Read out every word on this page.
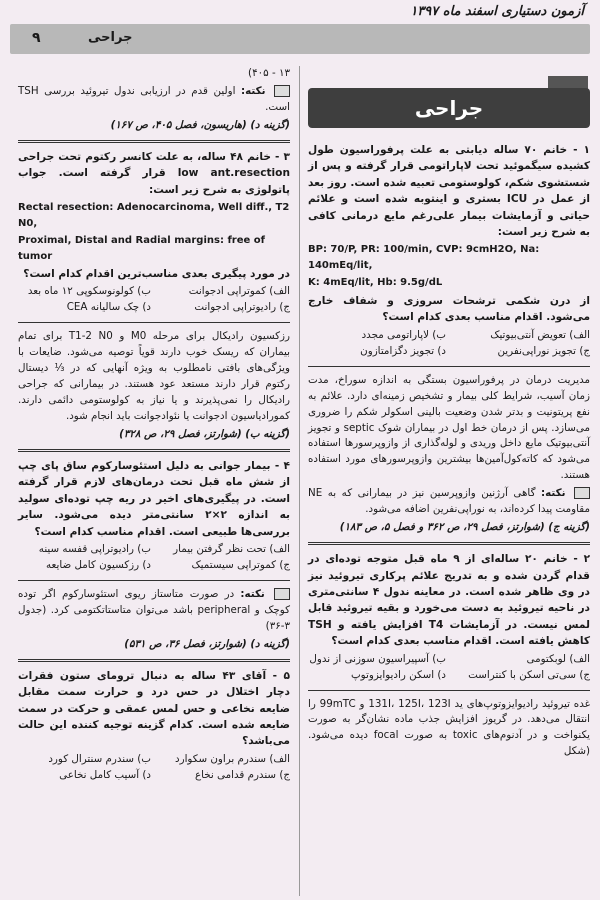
۹	جراحی
آزمون دستیاری اسفند ماه ۱۳۹۷
جراحی

۱ - خانم ۷۰ ساله دیابتی به علت پرفوراسیون طول کشیده سیگموئید تحت لاپاراتومی قرار گرفته و پس از شستشوی شکم، کولوستومی تعبیه شده است. روز بعد از عمل در ICU بستری و اینتوبه شده است و علائم حیاتی و آزمایشات بیمار علی‌رغم مایع درمانی کافی به شرح زیر است:

BP: 70/P, PR: 100/min, CVP: 9cmH2O, Na: 140mEq/lit,

K: 4mEq/lit, Hb: 9.5g/dL

از درن شکمی ترشحات سروزی و شفاف خارج می‌شود. اقدام مناسب بعدی کدام است؟

الف) تعویض آنتی‌بیوتیک
ب) لاپاراتومی مجدد
ج) تجویز نوراپی‌نفرین
د) تجویز دگزامتازون

مدیریت درمان در پرفوراسیون بستگی به اندازه سوراخ، مدت زمان آسیب، شرایط کلی بیمار و تشخیص زمینه‌ای دارد. علائم به نفع پریتونیت و بدتر شدن وضعیت بالینی اسکولر شکم را ضروری می‌سازد. پس از درمان خط اول در بیماران شوک septic و تجویز آنتی‌بیوتیک مایع داخل وریدی و لوله‌گذاری از وازوپرسورها استفاده می‌شود که کاته‌کول‌آمین‌ها بیشترین وازوپرسورهای مورد استفاده هستند.

نکته: گاهی آرژنین وازوپرسین نیز در بیمارانی که به NE مقاومت پیدا کرده‌اند، به نوراپی‌نفرین اضافه می‌شود.

(گزینه ج) (شوارتز، فصل ۲۹، ص ۳۶۲ و فصل ۵، ص ۱۸۳)

۲ - خانم ۲۰ ساله‌ای از ۹ ماه قبل متوجه توده‌ای در قدام گردن شده و به تدریج علائم پرکاری تیروئید نیز در وی ظاهر شده است. در معاینه ندول ۴ سانتی‌متری در ناحیه تیروئید به دست می‌خورد و بقیه تیروئید قابل لمس نیست. در آزمایشات T4 افزایش یافته و TSH کاهش یافته است. اقدام مناسب بعدی کدام است؟

الف) لوبکتومی
ب) آسپیراسیون سوزنی از ندول
ج) سی‌تی اسکن با کنتراست
د) اسکن رادیوایزوتوپ

غده تیروئید رادیوایزوتوپ‌های ید 131I، 125I، 123I و 99mTC را انتقال می‌دهد. در گریوز افزایش جذب ماده نشان‌گر به صورت یکنواخت و در آدنوم‌های toxic به صورت focal دیده می‌شود. (شکل

۱۳ - ۴۰۵)

نکته: اولین قدم در ارزیابی ندول تیروئید بررسی TSH است.

(گزینه د) (هاریسون، فصل ۴۰۵، ص ۱۶۷)

۳ - خانم ۴۸ ساله، به علت کانسر رکتوم تحت جراحی low ant.resection قرار گرفته است. جواب پاتولوژی به شرح زیر است:

Rectal resection: Adenocarcinoma, Well diff., T2 N0,

Proximal, Distal and Radial margins: free of tumor

در مورد پیگیری بعدی مناسب‌ترین اقدام کدام است؟

الف) کموتراپی ادجوانت
ب) کولونوسکوپی ۱۲ ماه بعد
ج) رادیوتراپی ادجوانت
د) چک سالیانه CEA

رزکسیون رادیکال برای مرحله M0 و T1-2 N0 برای تمام بیماران که ریسک خوب دارند قویاً توصیه می‌شود. ضایعات با ویژگی‌های بافتی نامطلوب به ویژه آنهایی که در ⅓ دیستال رکتوم قرار دارند مستعد عود هستند. در بیمارانی که جراحی رادیکال را نمی‌پذیرند و یا نیاز به کولوستومی دائمی دارند. کمورادیاسیون ادجوانت یا نئوادجوانت باید انجام شود.

(گزینه ب) (شوارتز، فصل ۲۹، ص ۳۲۸)

۴ - بیمار جوانی به دلیل استئوسارکوم ساق پای چپ از شش ماه قبل تحت درمان‌های لازم قرار گرفته است. در پیگیری‌های اخیر در ریه چپ توده‌ای سولید به اندازه ۲×۲ سانتی‌متر دیده می‌شود. سایر بررسی‌ها طبیعی است. اقدام مناسب کدام است؟

الف) تحت نظر گرفتن بیمار
ب) رادیوتراپی قفسه سینه
ج) کموتراپی سیستمیک
د) رزکسیون کامل ضایعه

نکته: در صورت متاستاز ریوی استئوسارکوم اگر توده کوچک و peripheral باشد می‌توان متاستاتکتومی کرد. (جدول ۳-۳۶)

(گزینه د) (شوارتز، فصل ۳۶، ص ۵۳۱)

۵ - آقای ۴۳ ساله به دنبال ترومای ستون فقرات دچار اختلال در حس درد و حرارت سمت مقابل ضایعه نخاعی و حس لمس عمقی و حرکت در سمت ضایعه شده است. کدام گزینه توجیه کننده این حالت می‌باشد؟

الف) سندرم براون سکوارد
ب) سندرم سنترال کورد
ج) سندرم قدامی نخاع
د) آسیب کامل نخاعی
